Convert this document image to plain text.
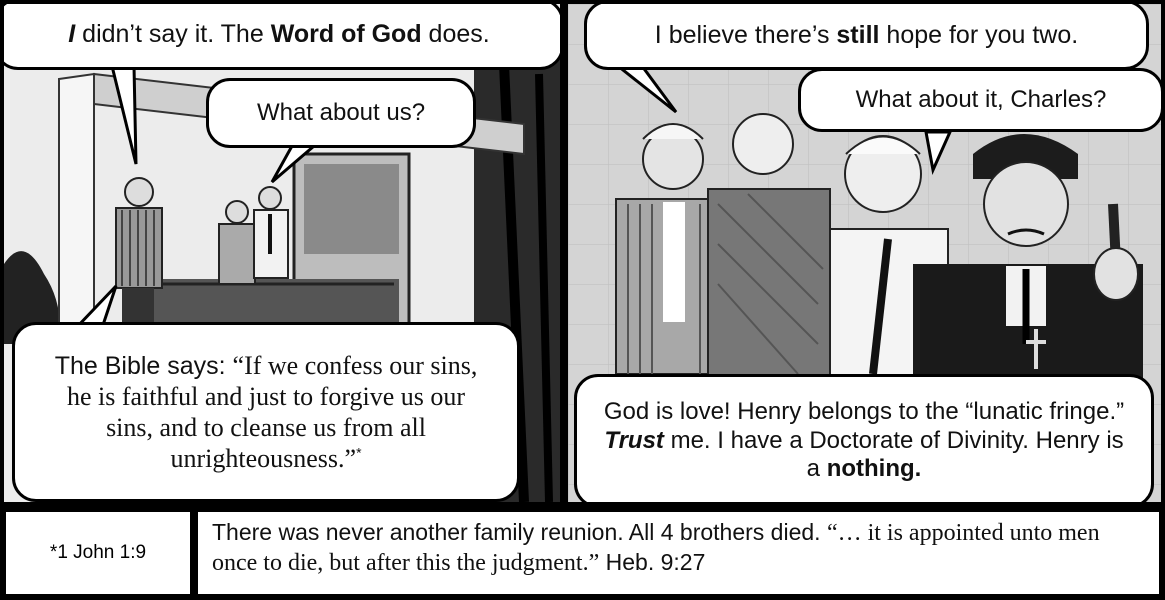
I didn’t say it. The Word of God does.

What about us?

The Bible says: “If we confess our sins, he is faithful and just to forgive us our sins, and to cleanse us from all unrighteousness.”*

I believe there’s still hope for you two.

What about it, Charles?

God is love! Henry belongs to the “lunatic fringe.” Trust me. I have a Doctorate of Divinity. Henry is a nothing.

*1 John 1:9
There was never another family reunion. All 4 brothers died. “… it is appointed unto men once to die, but after this the judgment.” Heb. 9:27
